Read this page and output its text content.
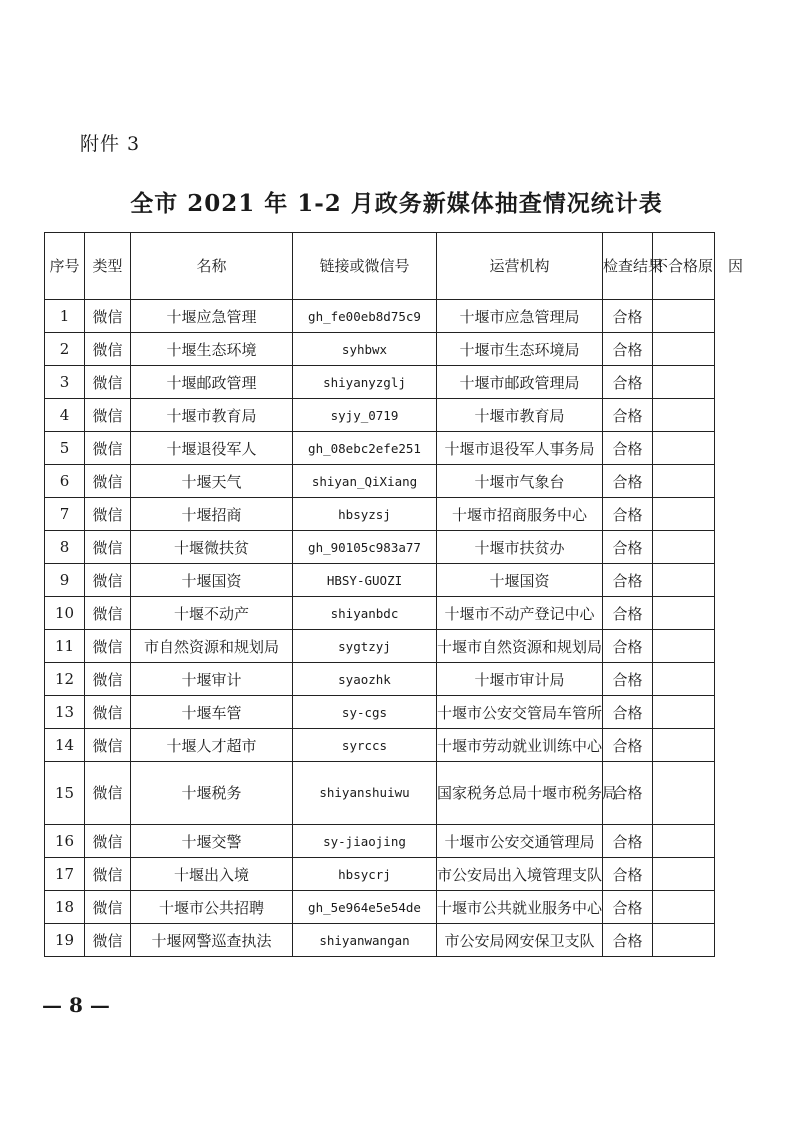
附件 3
全市 2021 年 1-2 月政务新媒体抽查情况统计表
序号	类型	名称	链接或微信号	运营机构	检查结果	不合格原　因
1	微信	十堰应急管理	gh_fe00eb8d75c9	十堰市应急管理局	合格	
2	微信	十堰生态环境	syhbwx	十堰市生态环境局	合格	
3	微信	十堰邮政管理	shiyanyzglj	十堰市邮政管理局	合格	
4	微信	十堰市教育局	syjy_0719	十堰市教育局	合格	
5	微信	十堰退役军人	gh_08ebc2efe251	十堰市退役军人事务局	合格	
6	微信	十堰天气	shiyan_QiXiang	十堰市气象台	合格	
7	微信	十堰招商	hbsyzsj	十堰市招商服务中心	合格	
8	微信	十堰微扶贫	gh_90105c983a77	十堰市扶贫办	合格	
9	微信	十堰国资	HBSY-GUOZI	十堰国资	合格	
10	微信	十堰不动产	shiyanbdc	十堰市不动产登记中心	合格	
11	微信	市自然资源和规划局	sygtzyj	十堰市自然资源和规划局	合格	
12	微信	十堰审计	syaozhk	十堰市审计局	合格	
13	微信	十堰车管	sy-cgs	十堰市公安交管局车管所	合格	
14	微信	十堰人才超市	syrccs	十堰市劳动就业训练中心	合格	
15	微信	十堰税务	shiyanshuiwu	国家税务总局十堰市税务局	合格	
16	微信	十堰交警	sy-jiaojing	十堰市公安交通管理局	合格	
17	微信	十堰出入境	hbsycrj	市公安局出入境管理支队	合格	
18	微信	十堰市公共招聘	gh_5e964e5e54de	十堰市公共就业服务中心	合格	
19	微信	十堰网警巡查执法	shiyanwangan	市公安局网安保卫支队	合格	
— 8 —
